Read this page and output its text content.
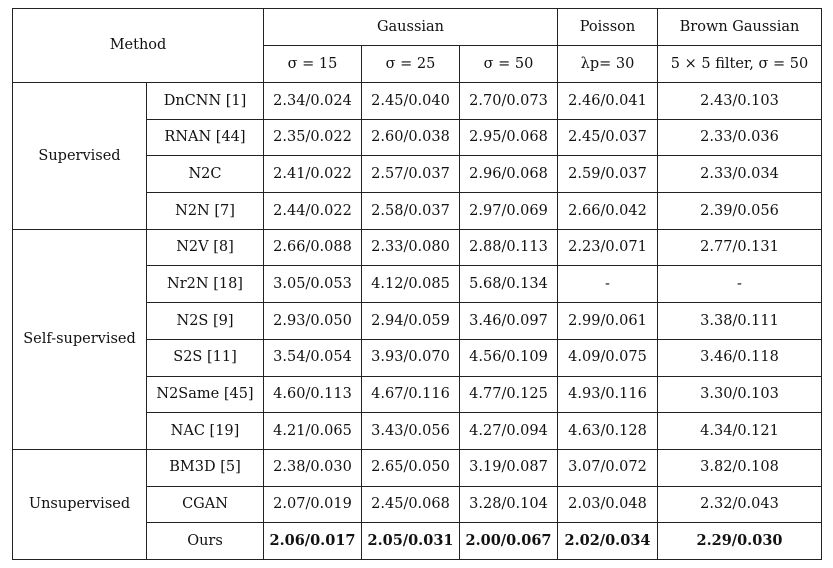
Method		Gaussian			Poisson	Brown Gaussian
		σ = 15	σ = 25	σ = 50	λp= 30	5 × 5 filter, σ = 50
Supervised	DnCNN [1]	2.34/0.024	2.45/0.040	2.70/0.073	2.46/0.041	2.43/0.103
	RNAN [44]	2.35/0.022	2.60/0.038	2.95/0.068	2.45/0.037	2.33/0.036
	N2C	2.41/0.022	2.57/0.037	2.96/0.068	2.59/0.037	2.33/0.034
	N2N [7]	2.44/0.022	2.58/0.037	2.97/0.069	2.66/0.042	2.39/0.056
Self-supervised	N2V [8]	2.66/0.088	2.33/0.080	2.88/0.113	2.23/0.071	2.77/0.131
	Nr2N [18]	3.05/0.053	4.12/0.085	5.68/0.134	-	-
	N2S [9]	2.93/0.050	2.94/0.059	3.46/0.097	2.99/0.061	3.38/0.111
	S2S [11]	3.54/0.054	3.93/0.070	4.56/0.109	4.09/0.075	3.46/0.118
	N2Same [45]	4.60/0.113	4.67/0.116	4.77/0.125	4.93/0.116	3.30/0.103
	NAC [19]	4.21/0.065	3.43/0.056	4.27/0.094	4.63/0.128	4.34/0.121
Unsupervised	BM3D [5]	2.38/0.030	2.65/0.050	3.19/0.087	3.07/0.072	3.82/0.108
	CGAN	2.07/0.019	2.45/0.068	3.28/0.104	2.03/0.048	2.32/0.043
	Ours	2.06/0.017	2.05/0.031	2.00/0.067	2.02/0.034	2.29/0.030
